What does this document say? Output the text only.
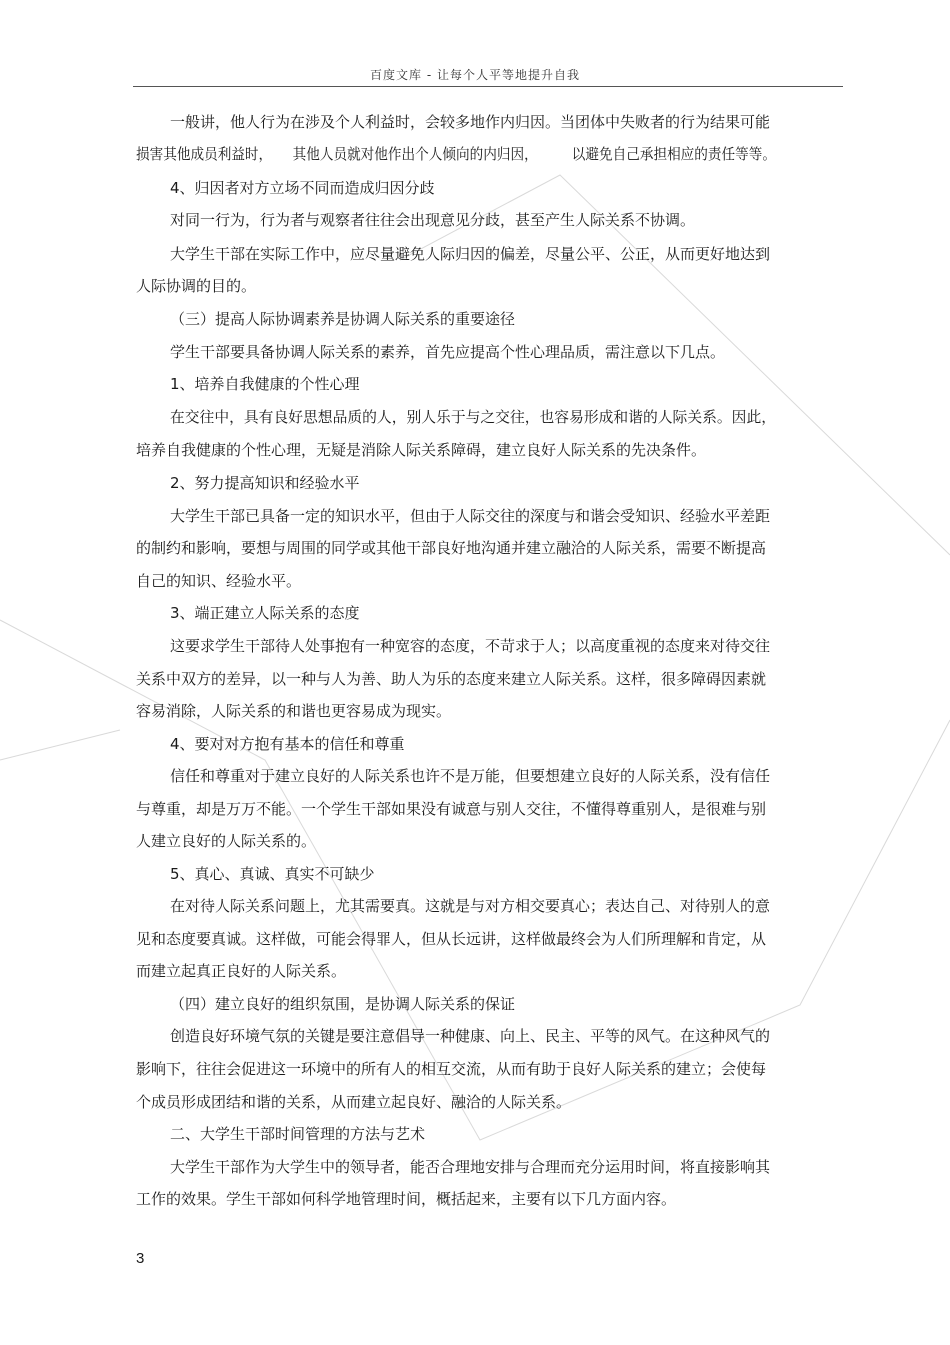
百度文库 - 让每个人平等地提升自我
一般讲，他人行为在涉及个人利益时，会较多地作内归因。当团体中失败者的行为结果可能
损害其他成员利益时，　　其他人员就对他作出个人倾向的内归因，　　　以避免自己承担相应的责任等等。
4、归因者对方立场不同而造成归因分歧
对同一行为，行为者与观察者往往会出现意见分歧，甚至产生人际关系不协调。
大学生干部在实际工作中，应尽量避免人际归因的偏差，尽量公平、公正，从而更好地达到
人际协调的目的。
（三）提高人际协调素养是协调人际关系的重要途径
学生干部要具备协调人际关系的素养，首先应提高个性心理品质，需注意以下几点。
1、培养自我健康的个性心理
在交往中，具有良好思想品质的人，别人乐于与之交往，也容易形成和谐的人际关系。因此，
培养自我健康的个性心理，无疑是消除人际关系障碍，建立良好人际关系的先决条件。
2、努力提高知识和经验水平
大学生干部已具备一定的知识水平，但由于人际交往的深度与和谐会受知识、经验水平差距
的制约和影响，要想与周围的同学或其他干部良好地沟通并建立融洽的人际关系，需要不断提高
自己的知识、经验水平。
3、端正建立人际关系的态度
这要求学生干部待人处事抱有一种宽容的态度，不苛求于人；以高度重视的态度来对待交往
关系中双方的差异，以一种与人为善、助人为乐的态度来建立人际关系。这样，很多障碍因素就
容易消除，人际关系的和谐也更容易成为现实。
4、要对对方抱有基本的信任和尊重
信任和尊重对于建立良好的人际关系也许不是万能，但要想建立良好的人际关系，没有信任
与尊重，却是万万不能。一个学生干部如果没有诚意与别人交往，不懂得尊重别人，是很难与别
人建立良好的人际关系的。
5、真心、真诚、真实不可缺少
在对待人际关系问题上，尤其需要真。这就是与对方相交要真心；表达自己、对待别人的意
见和态度要真诚。这样做，可能会得罪人，但从长远讲，这样做最终会为人们所理解和肯定，从
而建立起真正良好的人际关系。
（四）建立良好的组织氛围，是协调人际关系的保证
创造良好环境气氛的关键是要注意倡导一种健康、向上、民主、平等的风气。在这种风气的
影响下，往往会促进这一环境中的所有人的相互交流，从而有助于良好人际关系的建立；会使每
个成员形成团结和谐的关系，从而建立起良好、融洽的人际关系。
二、大学生干部时间管理的方法与艺术
大学生干部作为大学生中的领导者，能否合理地安排与合理而充分运用时间，将直接影响其
工作的效果。学生干部如何科学地管理时间，概括起来，主要有以下几方面内容。
3
